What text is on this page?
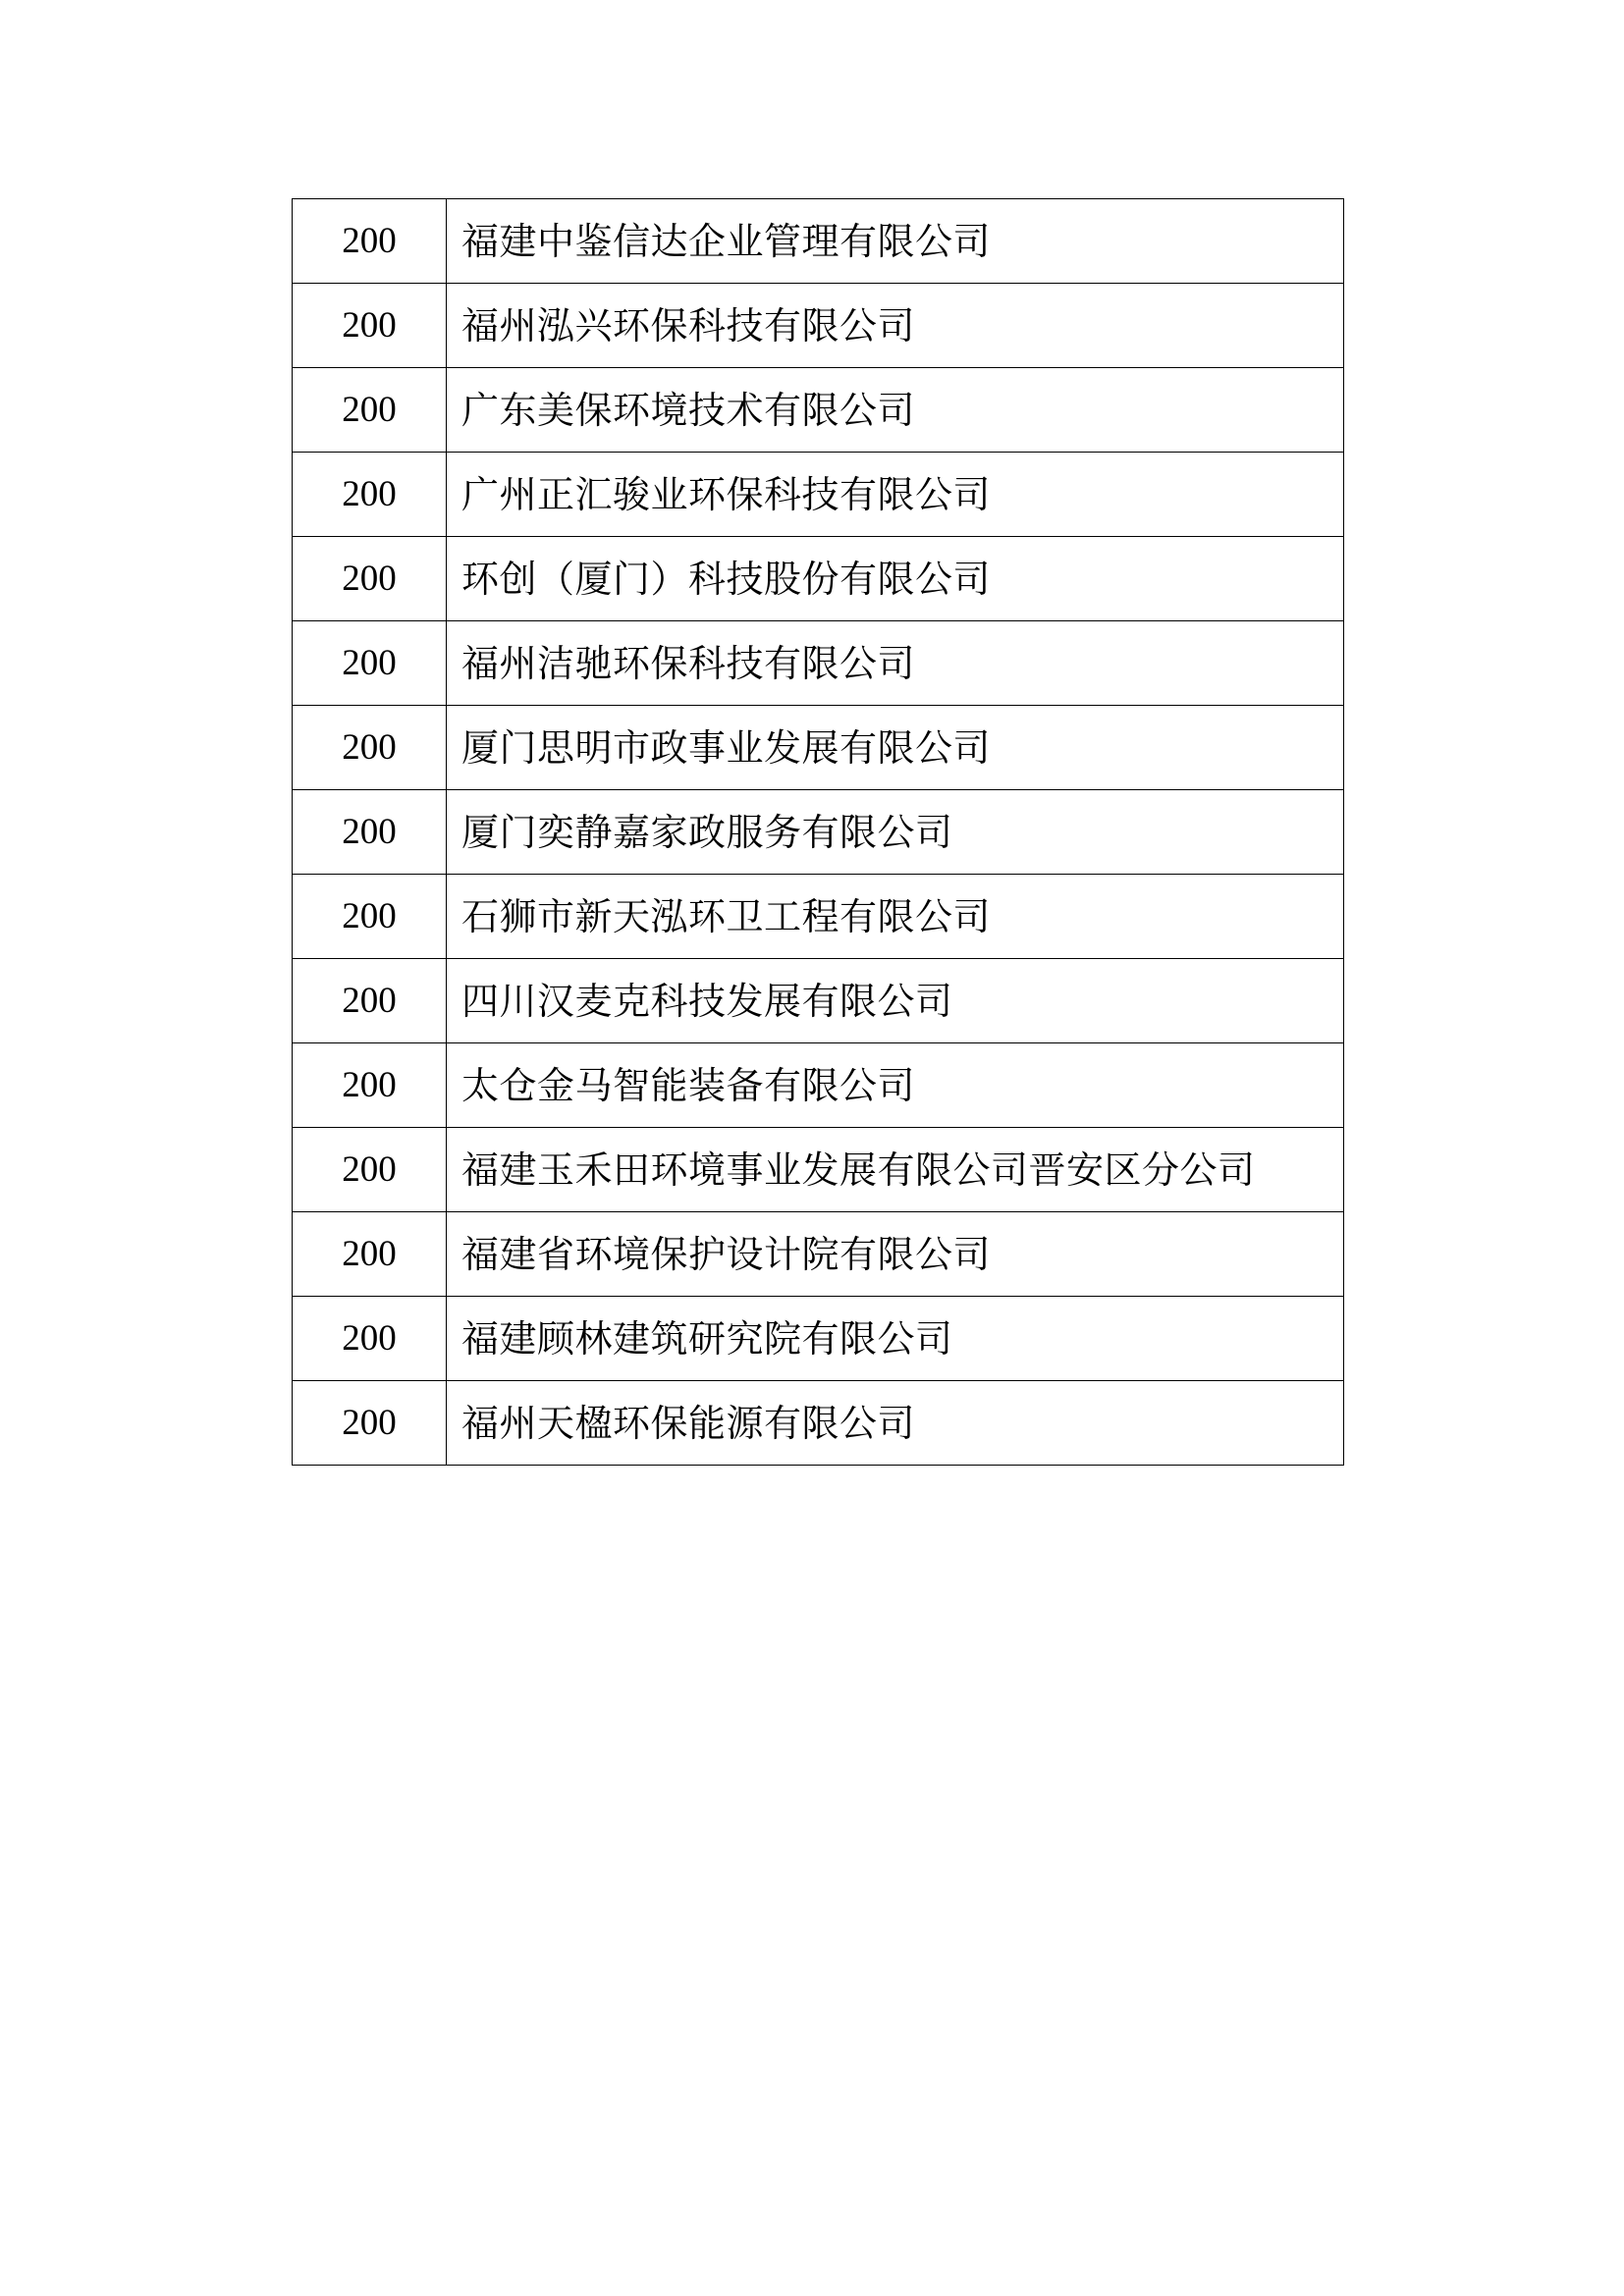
200	福建中鉴信达企业管理有限公司
200	福州泓兴环保科技有限公司
200	广东美保环境技术有限公司
200	广州正汇骏业环保科技有限公司
200	环创（厦门）科技股份有限公司
200	福州洁驰环保科技有限公司
200	厦门思明市政事业发展有限公司
200	厦门奕静嘉家政服务有限公司
200	石狮市新天泓环卫工程有限公司
200	四川汉麦克科技发展有限公司
200	太仓金马智能装备有限公司
200	福建玉禾田环境事业发展有限公司晋安区分公司
200	福建省环境保护设计院有限公司
200	福建顾林建筑研究院有限公司
200	福州天楹环保能源有限公司
